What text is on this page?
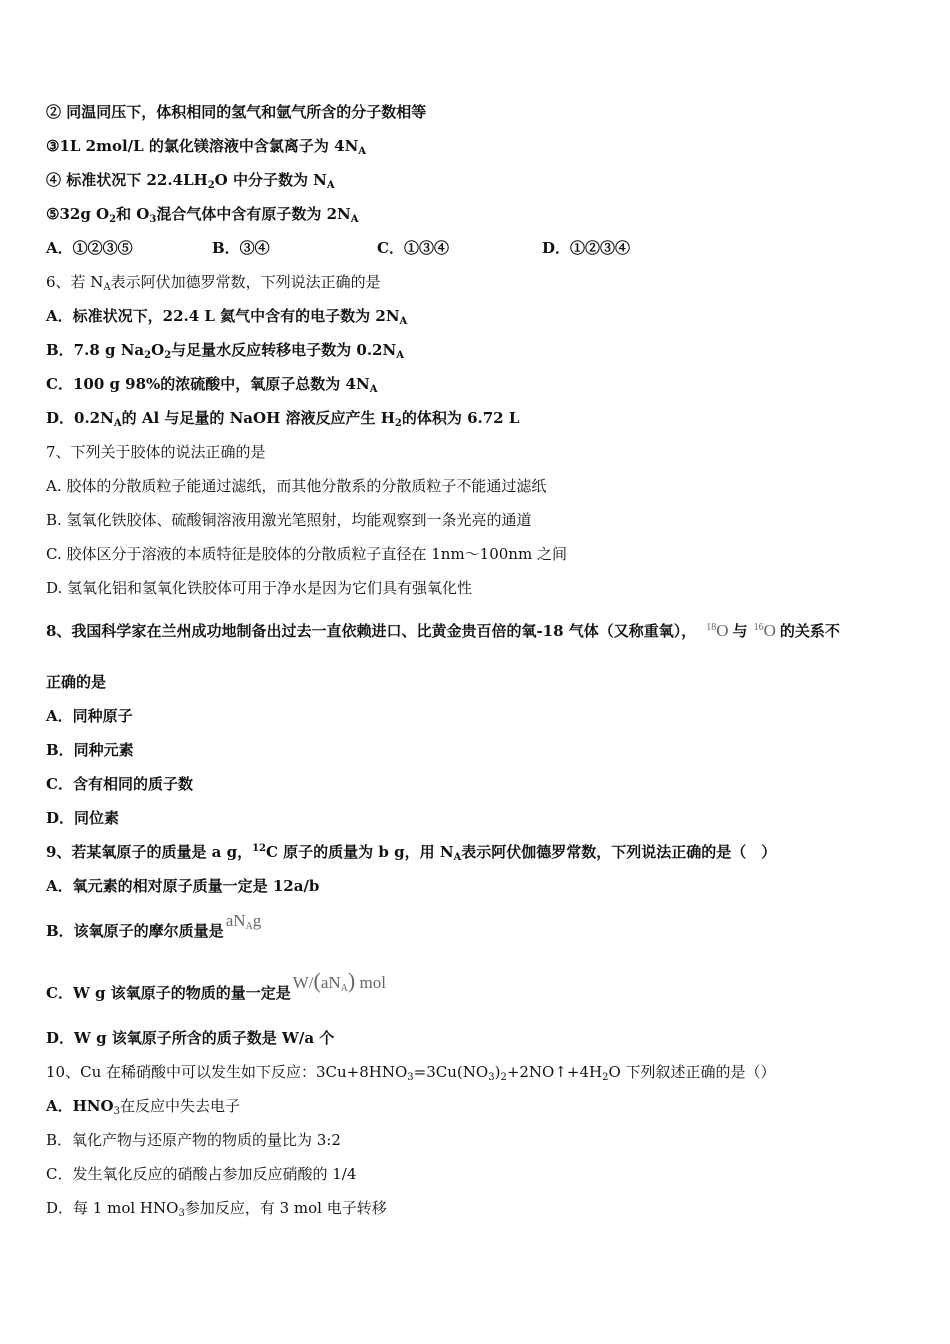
② 同温同压下，体积相同的氢气和氩气所含的分子数相等
③1L 2mol/L 的氯化镁溶液中含氯离子为 $4N_A$
④ 标准状况下 $22.4LH_2O$ 中分子数为 $N_A$
⑤32g $O_2$和 $O_3$混合气体中含有原子数为 $2N_A$
A．①②③⑤	B．③④	C．①③④	D．①②③④
6、若 $N_A$表示阿伏加德罗常数，下列说法正确的是
A．标准状况下，22.4 L 氦气中含有的电子数为 $2N_A$
B．7.8 g $Na_2O_2$与足量水反应转移电子数为 $0.2N_A$
C．100 g 98%的浓硫酸中，氧原子总数为 $4N_A$
D．$0.2N_A$的 Al 与足量的 NaOH 溶液反应产生 $H_2$的体积为 6.72 L
7、下列关于胶体的说法正确的是
A. 胶体的分散质粒子能通过滤纸，而其他分散系的分散质粒子不能通过滤纸
B. 氢氧化铁胶体、硫酸铜溶液用激光笔照射，均能观察到一条光亮的通道
C. 胶体区分于溶液的本质特征是胶体的分散质粒子直径在 1nm～100nm 之间
D. 氢氧化铝和氢氧化铁胶体可用于净水是因为它们具有强氧化性
8、我国科学家在兰州成功地制备出过去一直依赖进口、比黄金贵百倍的氧-18 气体（又称重氧）， $^{18}$O 与 $^{16}$O 的关系不
正确的是
A．同种原子
B．同种元素
C．含有相同的质子数
D．同位素
9、若某氧原子的质量是 a g，$^{12}$C 原子的质量为 b g，用 $N_A$表示阿伏伽德罗常数，下列说法正确的是（　）
A．氧元素的相对原子质量一定是 12a/b
B．该氧原子的摩尔质量是$aN_Ag$
C．W g 该氧原子的物质的量一定是$W/(aN_A)$ mol
D．W g 该氧原子所含的质子数是 W/a 个
10、Cu 在稀硝酸中可以发生如下反应：$3Cu+8HNO_3=3Cu(NO_3)_2+2NO↑+4H_2O$ 下列叙述正确的是（）
A．$HNO_3$在反应中失去电子
B．氧化产物与还原产物的物质的量比为 3:2
C．发生氧化反应的硝酸占参加反应硝酸的 1/4
D．每 1 mol $HNO_3$参加反应，有 3 mol 电子转移
